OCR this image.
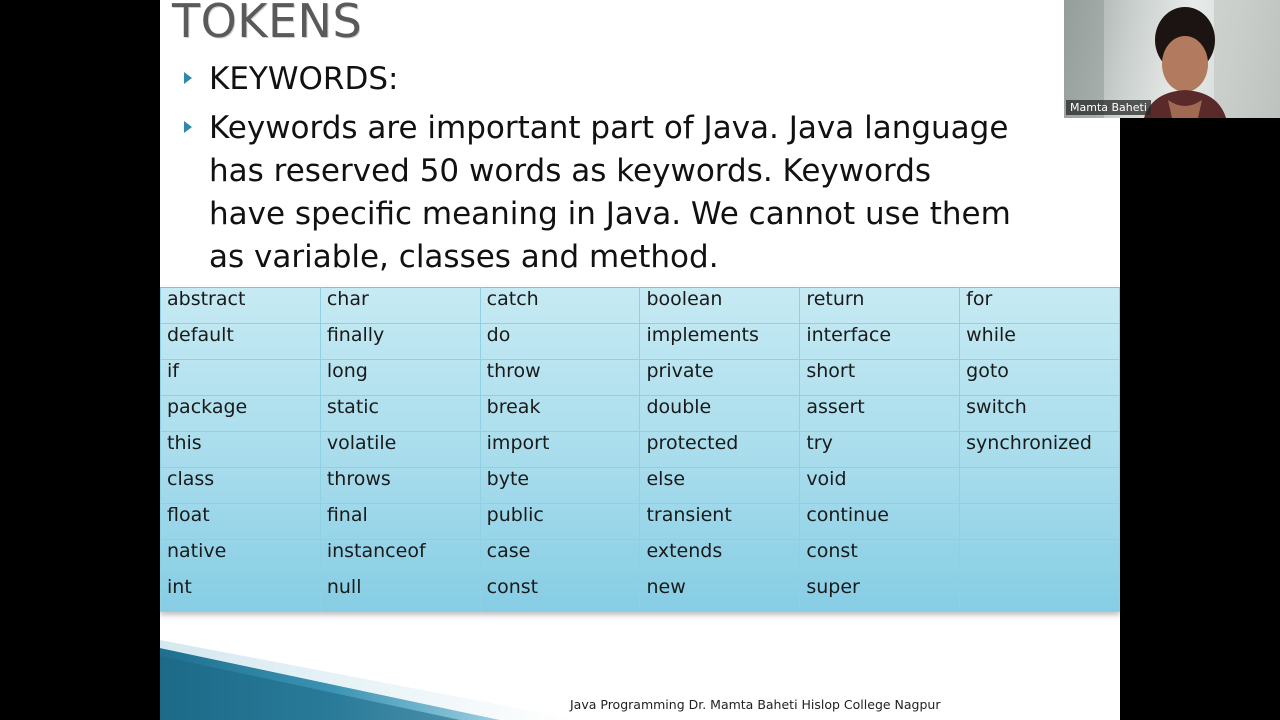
TOKENS
KEYWORDS:
Keywords are important part of Java. Java language
has reserved 50 words as keywords. Keywords
have specific meaning in Java. We cannot use them
as variable, classes and method.
abstract	char	catch	boolean	return	for
default	finally	do	implements	interface	while
if	long	throw	private	short	goto
package	static	break	double	assert	switch
this	volatile	import	protected	try	synchronized
class	throws	byte	else	void	
float	final	public	transient	continue	
native	instanceof	case	extends	const	
int	null	const	new	super	
Java Programming Dr. Mamta Baheti Hislop College Nagpur
Mamta Baheti
